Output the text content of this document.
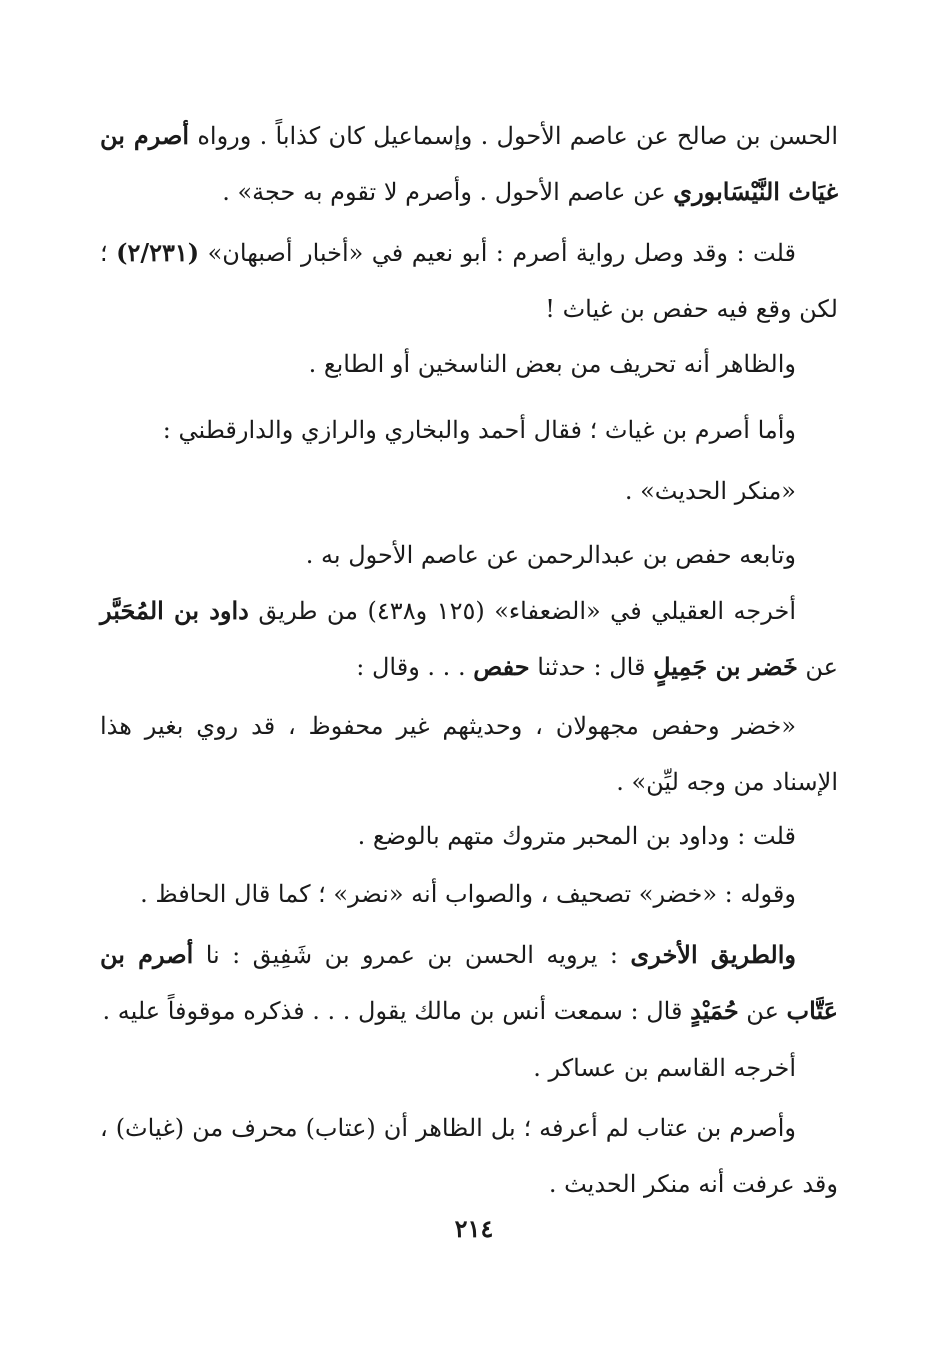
الحسن بن صالح عن عاصم الأحول . وإسماعيل كان كذاباً . ورواه أصرم بن غيَاث النَّيْسَابوري عن عاصم الأحول . وأصرم لا تقوم به حجة» .

قلت : وقد وصل رواية أصرم : أبو نعيم في «أخبار أصبهان» (٢/٢٣١) ؛ لكن وقع فيه حفص بن غياث !

والظاهر أنه تحريف من بعض الناسخين أو الطابع .

وأما أصرم بن غياث ؛ فقال أحمد والبخاري والرازي والدارقطني :

«منكر الحديث» .

وتابعه حفص بن عبدالرحمن عن عاصم الأحول به .

أخرجه العقيلي في «الضعفاء» (١٢٥ و٤٣٨) من طريق داود بن المُحَبَّر عن خَضر بن جَمِيلٍ قال : حدثنا حفص . . . وقال :

«خضر وحفص مجهولان ، وحديثهم غير محفوظ ، قد روي بغير هذا الإسناد من وجه ليِّن» .

قلت : وداود بن المحبر متروك متهم بالوضع .

وقوله : «خضر» تصحيف ، والصواب أنه «نضر» ؛ كما قال الحافظ .

والطريق الأخرى : يرويه الحسن بن عمرو بن شَفِيق : نا أصرم بن عَتَّاب عن حُمَيْدٍ قال : سمعت أنس بن مالك يقول . . . فذكره موقوفاً عليه .

أخرجه القاسم بن عساكر .

وأصرم بن عتاب لم أعرفه ؛ بل الظاهر أن (عتاب) محرف من (غياث) ، وقد عرفت أنه منكر الحديث .

٢١٤
